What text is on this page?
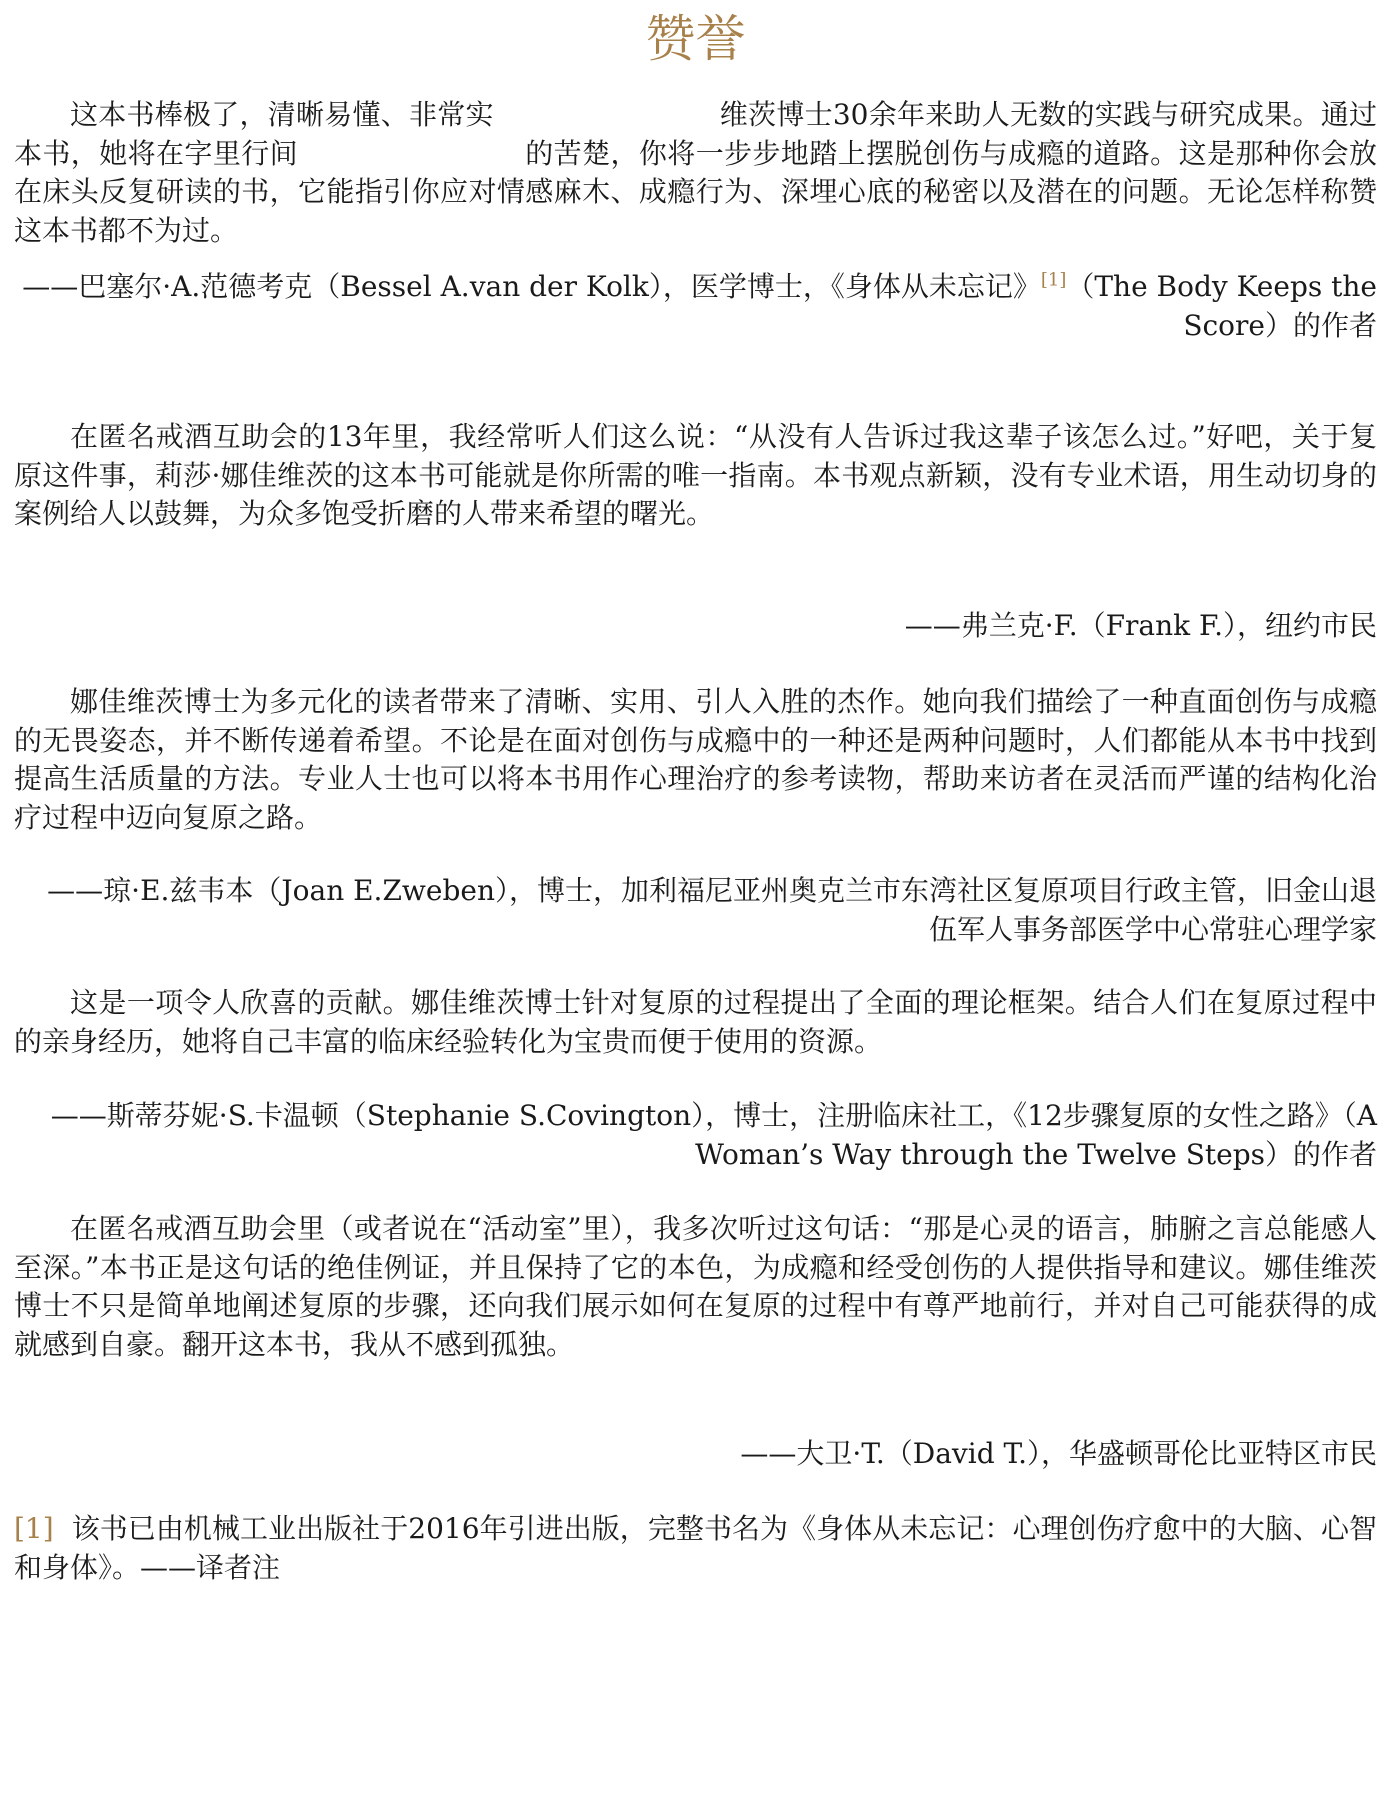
赞誉

这本书棒极了，清晰易懂、非常实　　　　　　　　维茨博士30余年来助人无数的实践与研究成果。通过本书，她将在字里行间　　　　　　　　的苦楚，你将一步步地踏上摆脱创伤与成瘾的道路。这是那种你会放在床头反复研读的书，它能指引你应对情感麻木、成瘾行为、深埋心底的秘密以及潜在的问题。无论怎样称赞这本书都不为过。

——巴塞尔·A.范德考克（Bessel A.van der Kolk），医学博士，《身体从未忘记》[1]（The Body Keeps the Score）的作者

在匿名戒酒互助会的13年里，我经常听人们这么说：“从没有人告诉过我这辈子该怎么过。”好吧，关于复原这件事，莉莎·娜佳维茨的这本书可能就是你所需的唯一指南。本书观点新颖，没有专业术语，用生动切身的案例给人以鼓舞，为众多饱受折磨的人带来希望的曙光。

——弗兰克·F.（Frank F.），纽约市民

娜佳维茨博士为多元化的读者带来了清晰、实用、引人入胜的杰作。她向我们描绘了一种直面创伤与成瘾的无畏姿态，并不断传递着希望。不论是在面对创伤与成瘾中的一种还是两种问题时，人们都能从本书中找到提高生活质量的方法。专业人士也可以将本书用作心理治疗的参考读物，帮助来访者在灵活而严谨的结构化治疗过程中迈向复原之路。

——琼·E.兹韦本（Joan E.Zweben），博士，加利福尼亚州奥克兰市东湾社区复原项目行政主管，旧金山退伍军人事务部医学中心常驻心理学家

这是一项令人欣喜的贡献。娜佳维茨博士针对复原的过程提出了全面的理论框架。结合人们在复原过程中的亲身经历，她将自己丰富的临床经验转化为宝贵而便于使用的资源。

——斯蒂芬妮·S.卡温顿（Stephanie S.Covington），博士，注册临床社工，《12步骤复原的女性之路》（A Woman’s Way through the Twelve Steps）的作者

在匿名戒酒互助会里（或者说在“活动室”里），我多次听过这句话：“那是心灵的语言，肺腑之言总能感人至深。”本书正是这句话的绝佳例证，并且保持了它的本色，为成瘾和经受创伤的人提供指导和建议。娜佳维茨博士不只是简单地阐述复原的步骤，还向我们展示如何在复原的过程中有尊严地前行，并对自己可能获得的成就感到自豪。翻开这本书，我从不感到孤独。

——大卫·T.（David T.），华盛顿哥伦比亚特区市民

[1] 该书已由机械工业出版社于2016年引进出版，完整书名为《身体从未忘记：心理创伤疗愈中的大脑、心智和身体》。——译者注
